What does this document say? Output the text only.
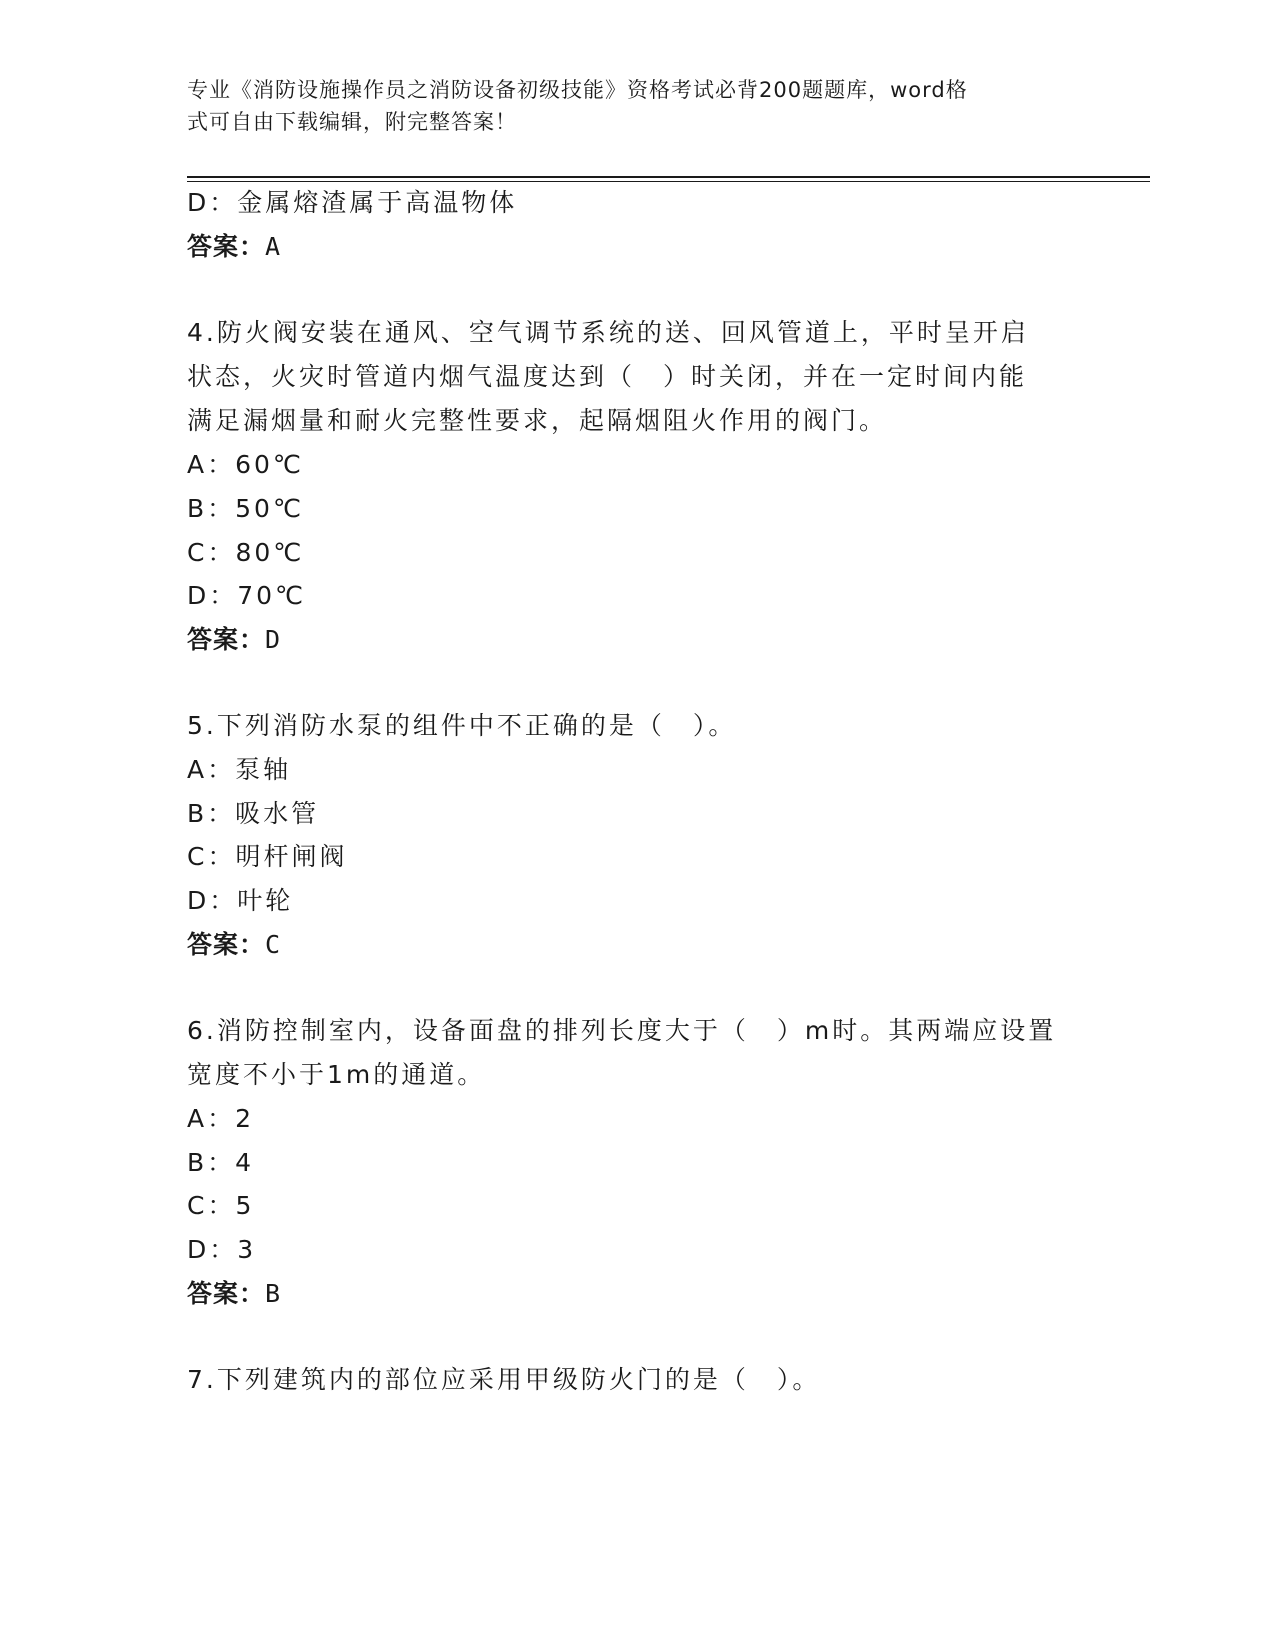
专业《消防设施操作员之消防设备初级技能》资格考试必背200题题库，word格
式可自由下载编辑，附完整答案！
D：金属熔渣属于高温物体
答案：A
4.防火阀安装在通风、空气调节系统的送、回风管道上，平时呈开启
状态，火灾时管道内烟气温度达到（　）时关闭，并在一定时间内能
满足漏烟量和耐火完整性要求，起隔烟阻火作用的阀门。
A：60℃
B：50℃
C：80℃
D：70℃
答案：D
5.下列消防水泵的组件中不正确的是（　）。
A：泵轴
B：吸水管
C：明杆闸阀
D：叶轮
答案：C
6.消防控制室内，设备面盘的排列长度大于（　）m时。其两端应设置
宽度不小于1m的通道。
A：2
B：4
C：5
D：3
答案：B
7.下列建筑内的部位应采用甲级防火门的是（　）。
